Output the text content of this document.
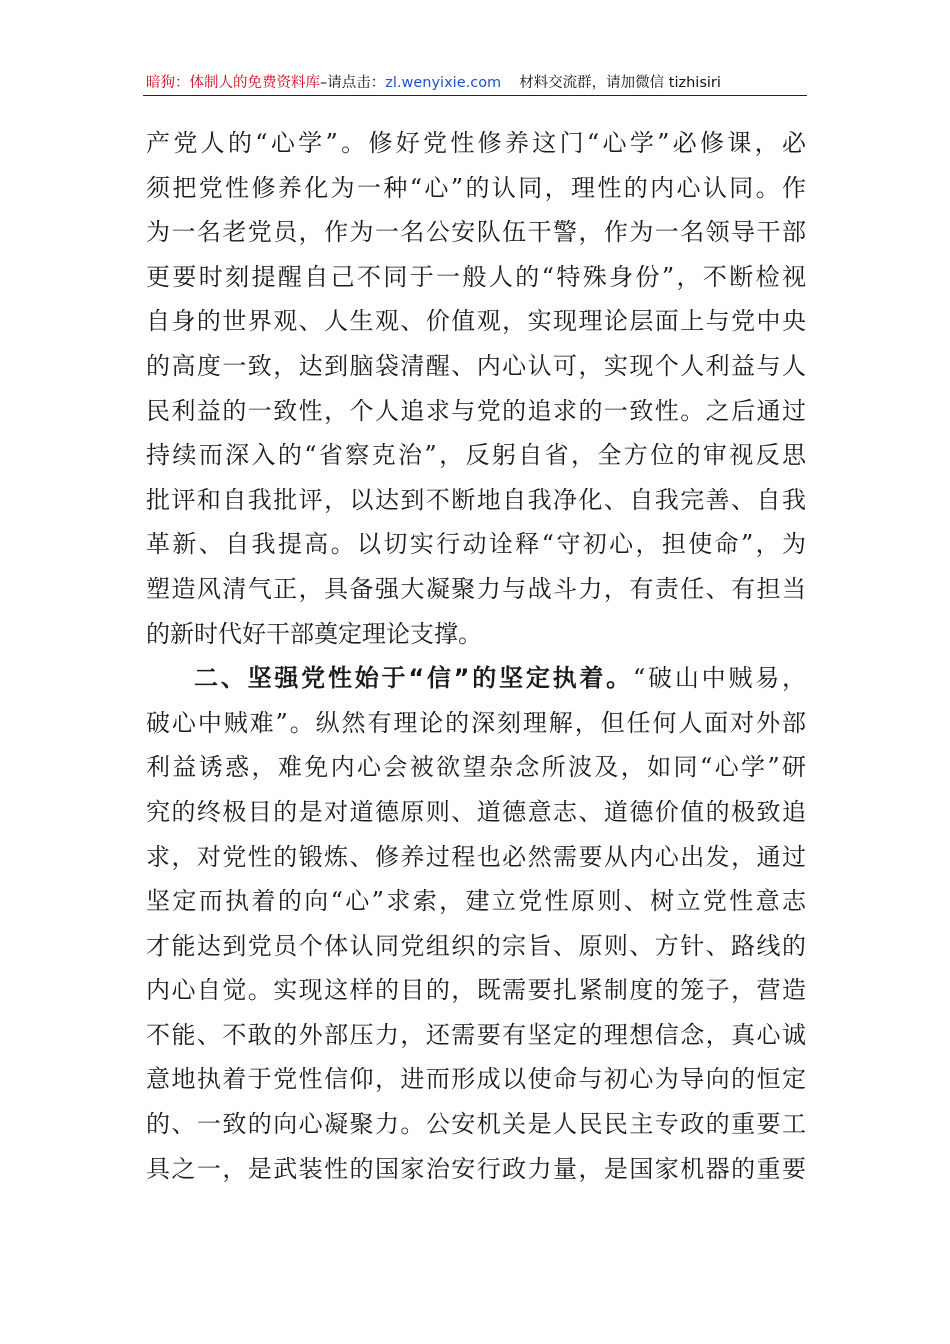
暗狗：体制人的免费资料库–请点击：zl.wenyixie.com 材料交流群，请加微信 tizhisiri
产党人的“心学”。修好党性修养这门“心学”必修课，必
须把党性修养化为一种“心”的认同，理性的内心认同。作
为一名老党员，作为一名公安队伍干警，作为一名领导干部
更要时刻提醒自己不同于一般人的“特殊身份”，不断检视
自身的世界观、人生观、价值观，实现理论层面上与党中央
的高度一致，达到脑袋清醒、内心认可，实现个人利益与人
民利益的一致性，个人追求与党的追求的一致性。之后通过
持续而深入的“省察克治”，反躬自省，全方位的审视反思
批评和自我批评，以达到不断地自我净化、自我完善、自我
革新、自我提高。以切实行动诠释“守初心，担使命”，为
塑造风清气正，具备强大凝聚力与战斗力，有责任、有担当
的新时代好干部奠定理论支撑。
二、坚强党性始于“信”的坚定执着。“破山中贼易，
破心中贼难”。纵然有理论的深刻理解，但任何人面对外部
利益诱惑，难免内心会被欲望杂念所波及，如同“心学”研
究的终极目的是对道德原则、道德意志、道德价值的极致追
求，对党性的锻炼、修养过程也必然需要从内心出发，通过
坚定而执着的向“心”求索，建立党性原则、树立党性意志
才能达到党员个体认同党组织的宗旨、原则、方针、路线的
内心自觉。实现这样的目的，既需要扎紧制度的笼子，营造
不能、不敢的外部压力，还需要有坚定的理想信念，真心诚
意地执着于党性信仰，进而形成以使命与初心为导向的恒定
的、一致的向心凝聚力。公安机关是人民民主专政的重要工
具之一，是武装性的国家治安行政力量，是国家机器的重要
